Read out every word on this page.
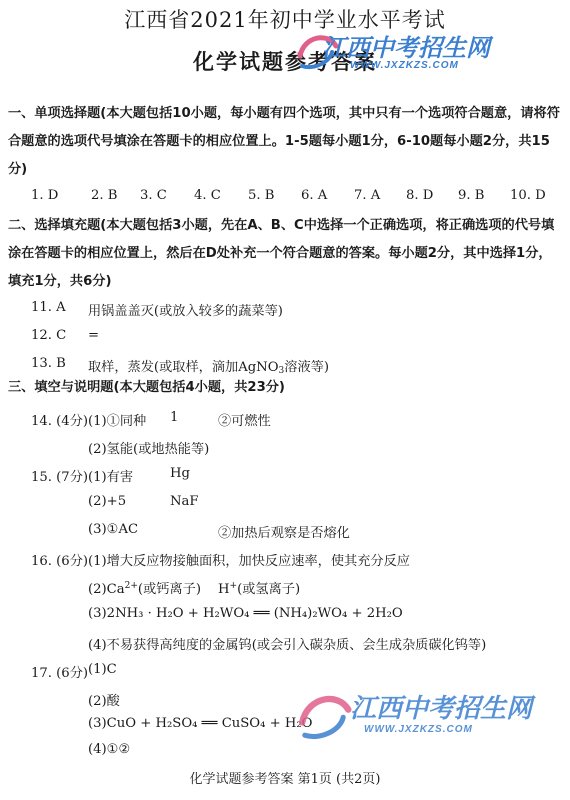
江西省2021年初中学业水平考试
化学试题参考答案
江西中考招生网
WWW.JXZKZS.COM
一、单项选择题(本大题包括10小题，每小题有四个选项，其中只有一个选项符合题意，请将符合题意的选项代号填涂在答题卡的相应位置上。1-5题每小题1分，6-10题每小题2分，共15分)
1. D 2. B 3. C 4. C 5. B 6. A 7. A 8. D 9. B 10. D
二、选择填充题(本大题包括3小题，先在A、B、C中选择一个正确选项，将正确选项的代号填涂在答题卡的相应位置上，然后在D处补充一个符合题意的答案。每小题2分，其中选择1分，填充1分，共6分)
11. A 用锅盖盖灭(或放入较多的蔬菜等)
12. C =
13. B 取样，蒸发(或取样，滴加AgNO3溶液等)
三、填空与说明题(本大题包括4小题，共23分)
14. (4分) (1)①同种 1	②可燃性
(2)氢能(或地热能等)
15. (7分) (1)有害	Hg
(2)+5	NaF
(3)①AC	②加热后观察是否熔化
16. (6分) (1)增大反应物接触面积，加快反应速率，使其充分反应
$(2)Ca^{2+}$(或钙离子) H+(或氢离子)
(3)2NH₃ · H₂O + H₂WO₄ ══ (NH₄)₂WO₄ + 2H₂O
(4)不易获得高纯度的金属钨(或会引入碳杂质、会生成杂质碳化钨等)
17. (6分) (1)C
(2)酸
(3)CuO + H₂SO₄ ══ CuSO₄ + H₂O
(4)①②
江西中考招生网
WWW.JXZKZS.COM
化学试题参考答案 第1页 (共2页)
